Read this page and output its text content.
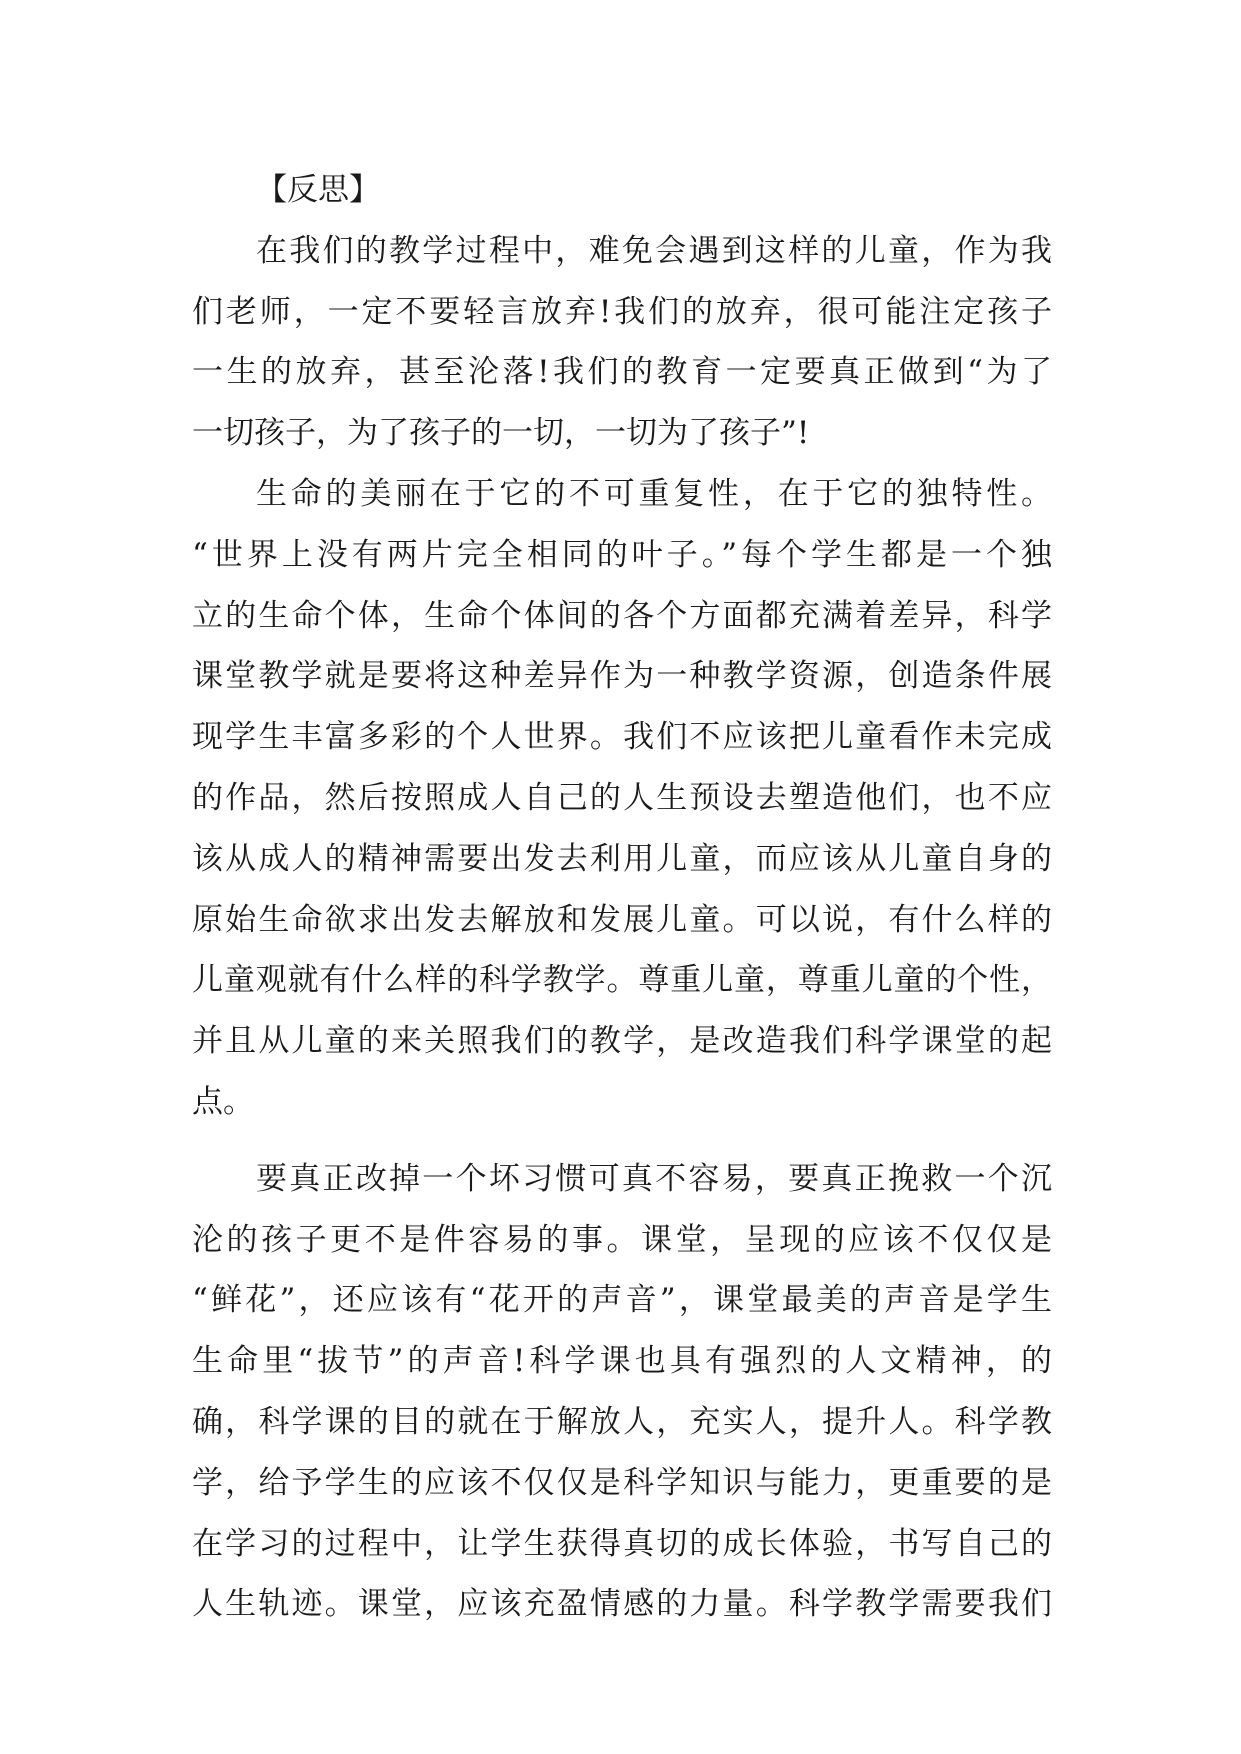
【反思】
在我们的教学过程中，难免会遇到这样的儿童，作为我
们老师，一定不要轻言放弃!我们的放弃，很可能注定孩子
一生的放弃，甚至沦落!我们的教育一定要真正做到“为了
一切孩子，为了孩子的一切，一切为了孩子”!
生命的美丽在于它的不可重复性，在于它的独特性。
“世界上没有两片完全相同的叶子。”每个学生都是一个独
立的生命个体，生命个体间的各个方面都充满着差异，科学
课堂教学就是要将这种差异作为一种教学资源，创造条件展
现学生丰富多彩的个人世界。我们不应该把儿童看作未完成
的作品，然后按照成人自己的人生预设去塑造他们，也不应
该从成人的精神需要出发去利用儿童，而应该从儿童自身的
原始生命欲求出发去解放和发展儿童。可以说，有什么样的
儿童观就有什么样的科学教学。尊重儿童，尊重儿童的个性，
并且从儿童的来关照我们的教学，是改造我们科学课堂的起
点。
要真正改掉一个坏习惯可真不容易，要真正挽救一个沉
沦的孩子更不是件容易的事。课堂，呈现的应该不仅仅是
“鲜花”，还应该有“花开的声音”，课堂最美的声音是学生
生命里“拔节”的声音!科学课也具有强烈的人文精神，的
确，科学课的目的就在于解放人，充实人，提升人。科学教
学，给予学生的应该不仅仅是科学知识与能力，更重要的是
在学习的过程中，让学生获得真切的成长体验，书写自己的
人生轨迹。课堂，应该充盈情感的力量。科学教学需要我们
